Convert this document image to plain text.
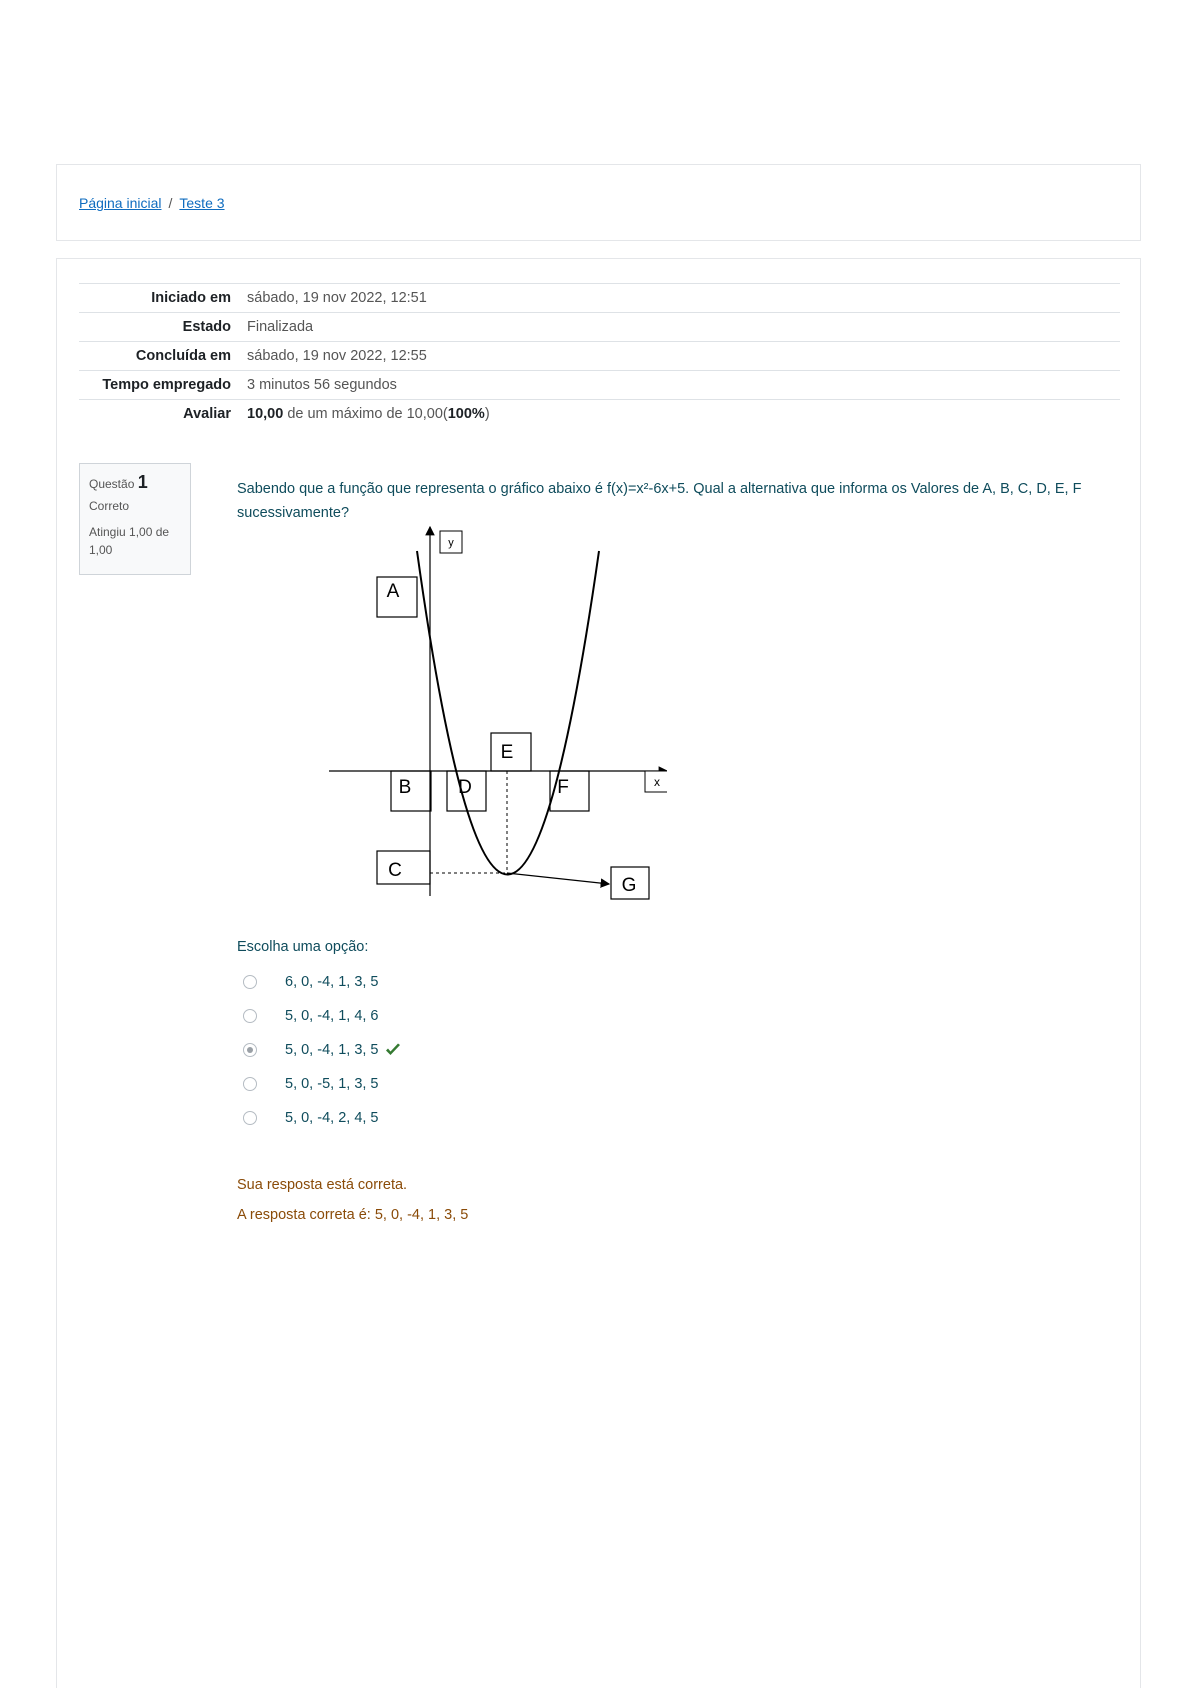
Página inicial / Teste 3
Iniciado em	sábado, 19 nov 2022, 12:51
Estado	Finalizada
Concluída em	sábado, 19 nov 2022, 12:55
Tempo empregado	3 minutos 56 segundos
Avaliar	10,00 de um máximo de 10,00(100%)
Questão 1
Correto
Atingiu 1,00 de 1,00
Sabendo que a função que representa o gráfico abaixo é f(x)=x²-6x+5. Qual a alternativa que informa os Valores de A, B, C, D, E, F sucessivamente?
x
y
A
B
C
D
E
F
G
Escolha uma opção:
6, 0, -4, 1, 3, 5
5, 0, -4, 1, 4, 6
5, 0, -4, 1, 3, 5
5, 0, -5, 1, 3, 5
5, 0, -4, 2, 4, 5
Sua resposta está correta.
A resposta correta é: 5, 0, -4, 1, 3, 5
